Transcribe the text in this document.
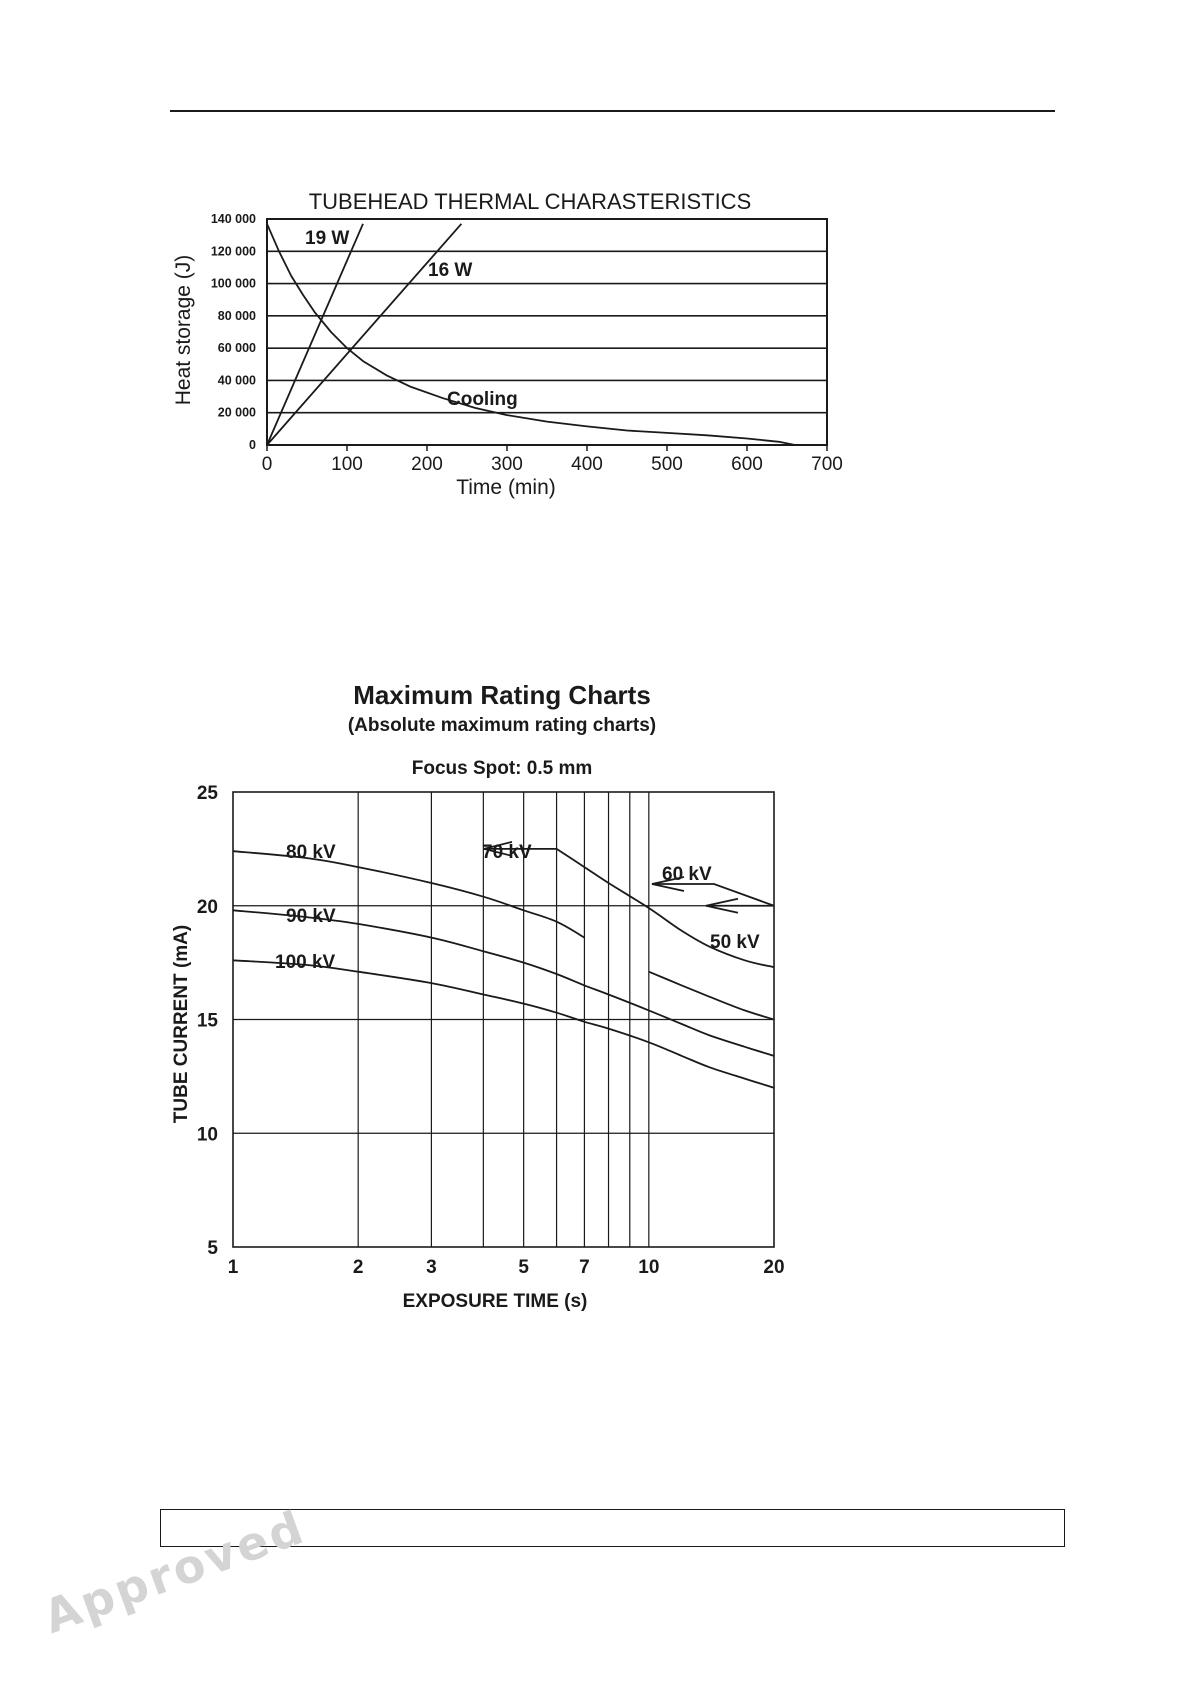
TUBEHEAD THERMAL CHARASTERISTICS
Time (min)
Heat storage (J)
0
20 000
40 000
60 000
80 000
100 000
120 000
140 000
0	100	200	300	400	500	600	700
19 W
16 W
Cooling
Maximum Rating Charts
(Absolute maximum rating charts)
Focus Spot: 0.5 mm
EXPOSURE TIME (s)
TUBE CURRENT (mA)
5
10
15
20
25
1	2	3	5	7	10	20
80 kV	70 kV
60 kV
90 kV
50 kV
100 kV
Approved
